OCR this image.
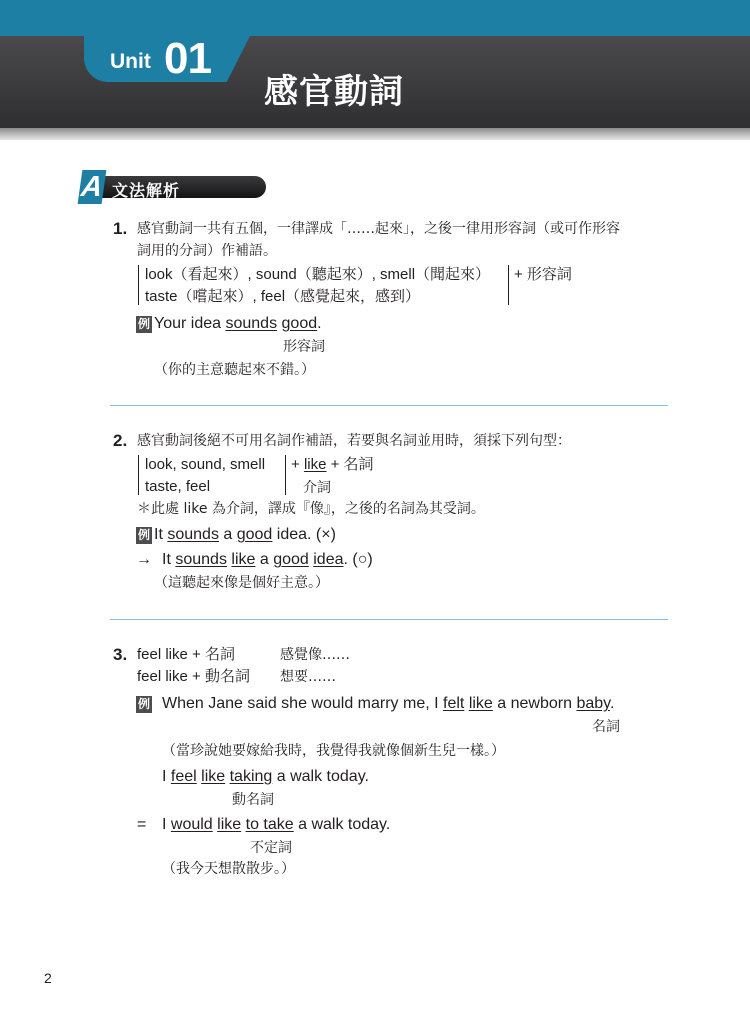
Unit 01
感官動詞
A 文法解析
1. 感官動詞一共有五個，一律譯成「……起來」，之後一律用形容詞（或可作形容
詞用的分詞）作補語。
look（看起來）, sound（聽起來）, smell（聞起來）
taste（嚐起來）, feel（感覺起來，感到）
+ 形容詞
例 Your idea sounds good.
形容詞
（你的主意聽起來不錯。）
2. 感官動詞後絕不可用名詞作補語，若要與名詞並用時，須採下列句型：
look, sound, smell
taste, feel
+ like + 名詞
介詞
＊此處 like 為介詞，譯成『像』，之後的名詞為其受詞。
例 It sounds a good idea. (×)
→ It sounds like a good idea. (○)
（這聽起來像是個好主意。）
3. feel like + 名詞	感覺像……
feel like + 動名詞 想要……
例 When Jane said she would marry me, I felt like a newborn baby.
名詞
（當珍說她要嫁給我時，我覺得我就像個新生兒一樣。）
I feel like taking a walk today.
動名詞
= I would like to take a walk today.
不定詞
（我今天想散散步。）
2
